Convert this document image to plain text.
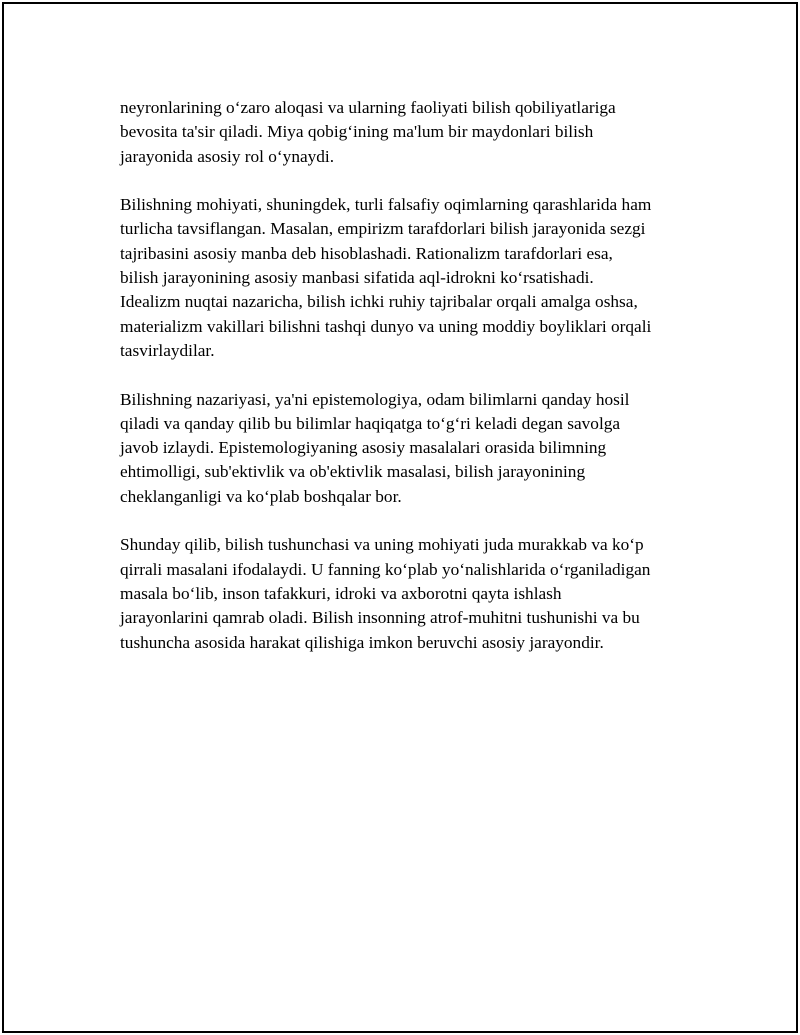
neyronlarining o‘zaro aloqasi va ularning faoliyati bilish qobiliyatlariga
bevosita ta'sir qiladi. Miya qobig‘ining ma'lum bir maydonlari bilish
jarayonida asosiy rol o‘ynaydi.

Bilishning mohiyati, shuningdek, turli falsafiy oqimlarning qarashlarida ham
turlicha tavsiflangan. Masalan, empirizm tarafdorlari bilish jarayonida sezgi
tajribasini asosiy manba deb hisoblashadi. Rationalizm tarafdorlari esa,
bilish jarayonining asosiy manbasi sifatida aql-idrokni ko‘rsatishadi.
Idealizm nuqtai nazaricha, bilish ichki ruhiy tajribalar orqali amalga oshsa,
materializm vakillari bilishni tashqi dunyo va uning moddiy boyliklari orqali
tasvirlaydilar.

Bilishning nazariyasi, ya'ni epistemologiya, odam bilimlarni qanday hosil
qiladi va qanday qilib bu bilimlar haqiqatga to‘g‘ri keladi degan savolga
javob izlaydi. Epistemologiyaning asosiy masalalari orasida bilimning
ehtimolligi, sub'ektivlik va ob'ektivlik masalasi, bilish jarayonining
cheklanganligi va ko‘plab boshqalar bor.

Shunday qilib, bilish tushunchasi va uning mohiyati juda murakkab va ko‘p
qirrali masalani ifodalaydi. U fanning ko‘plab yo‘nalishlarida o‘rganiladigan
masala bo‘lib, inson tafakkuri, idroki va axborotni qayta ishlash
jarayonlarini qamrab oladi. Bilish insonning atrof-muhitni tushunishi va bu
tushuncha asosida harakat qilishiga imkon beruvchi asosiy jarayondir.
